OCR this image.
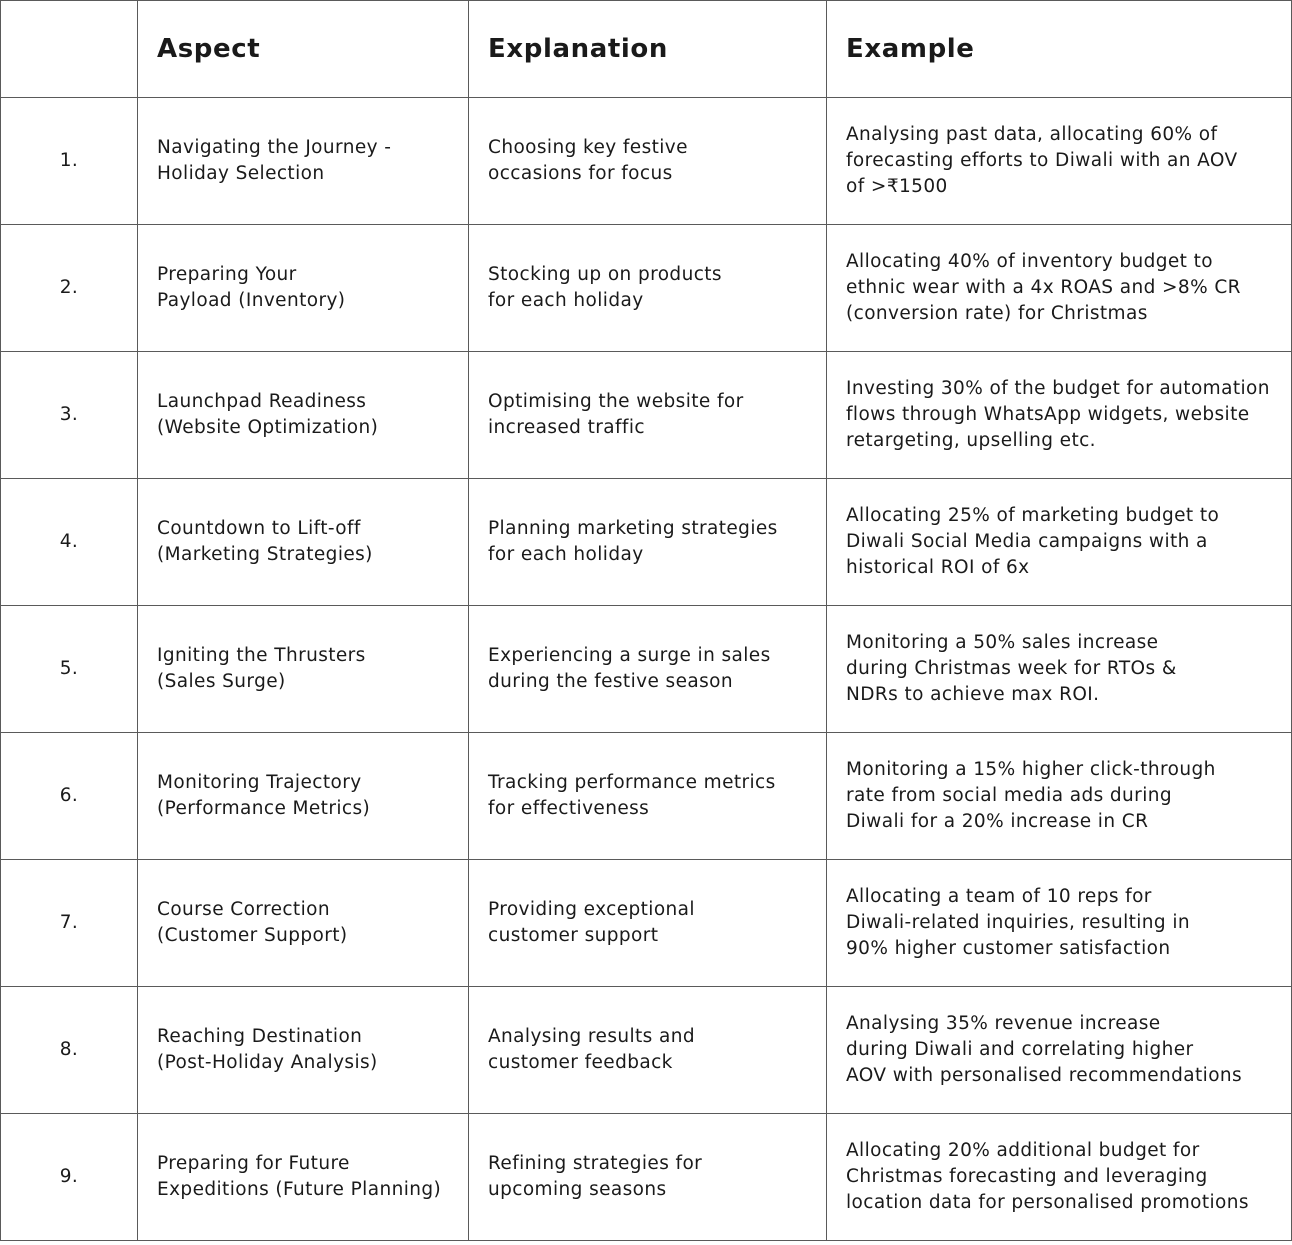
	Aspect	Explanation	Example

1.	Navigating the Journey -
Holiday Selection	Choosing key festive
occasions for focus	Analysing past data, allocating 60% of
forecasting efforts to Diwali with an AOV
of >₹1500

2.	Preparing Your
Payload (Inventory)	Stocking up on products
for each holiday	Allocating 40% of inventory budget to
ethnic wear with a 4x ROAS and >8% CR
(conversion rate) for Christmas

3.	Launchpad Readiness
(Website Optimization)	Optimising the website for
increased traffic	Investing 30% of the budget for automation
flows through WhatsApp widgets, website
retargeting, upselling etc.

4.	Countdown to Lift-off
(Marketing Strategies)	Planning marketing strategies
for each holiday	Allocating 25% of marketing budget to
Diwali Social Media campaigns with a
historical ROI of 6x

5.	Igniting the Thrusters
(Sales Surge)	Experiencing a surge in sales
during the festive season	Monitoring a 50% sales increase
during Christmas week for RTOs &
NDRs to achieve max ROI.

6.	Monitoring Trajectory
(Performance Metrics)	Tracking performance metrics
for effectiveness	Monitoring a 15% higher click-through
rate from social media ads during
Diwali for a 20% increase in CR

7.	Course Correction
(Customer Support)	Providing exceptional
customer support	Allocating a team of 10 reps for
Diwali-related inquiries, resulting in
90% higher customer satisfaction

8.	Reaching Destination
(Post-Holiday Analysis)	Analysing results and
customer feedback	Analysing 35% revenue increase
during Diwali and correlating higher
AOV with personalised recommendations

9.	Preparing for Future
Expeditions (Future Planning)	Refining strategies for
upcoming seasons	Allocating 20% additional budget for
Christmas forecasting and leveraging
location data for personalised promotions
